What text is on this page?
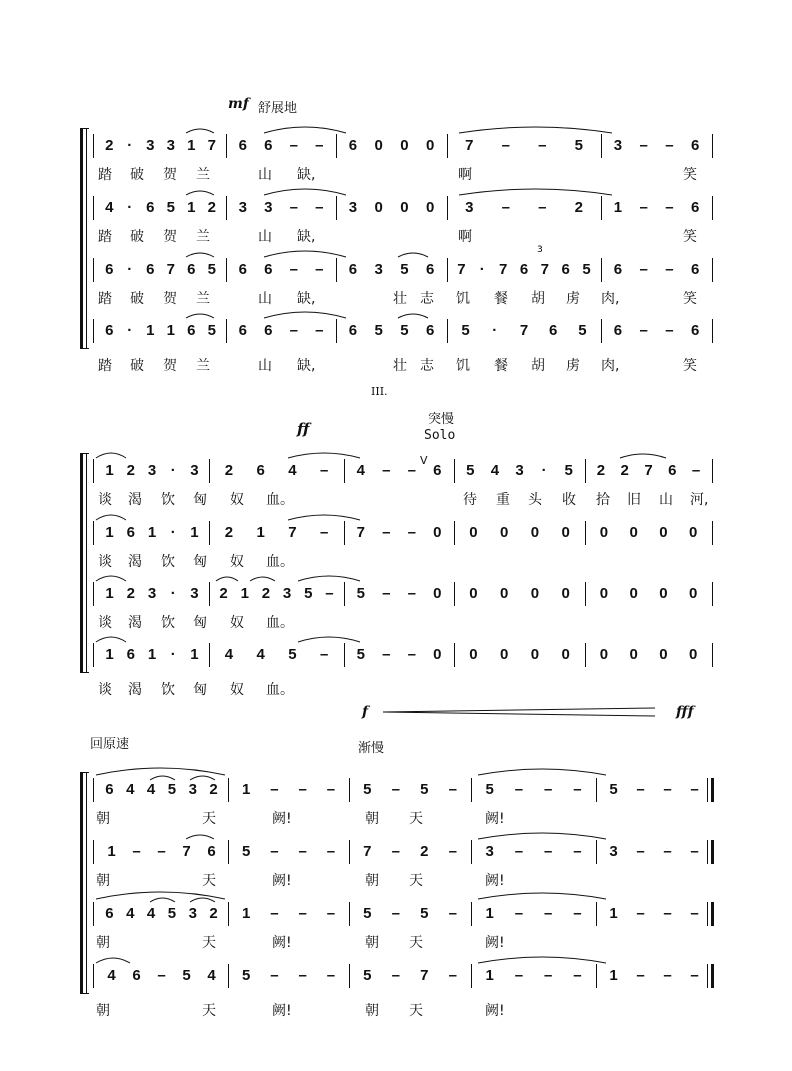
mf 舒展地
III.
ff
突慢
Solo
V
f	fff
回原速	渐慢
2 · 3 3 1 7 6 6 – – 6 0 0 0 7 – – 5 3 – – 6
踏 破 贺 兰	山 缺,	啊	笑
4 · 6 5 1 2 3 3 – – 3 0 0 0 3 – – 2 1 – – 6
踏 破 贺 兰	山 缺,	啊	笑
6 · 6 7 6 5 6 6 – – 6 3 5 6 7 · 7 6 7 6 5 6 – – 6
踏 破 贺 兰	山 缺,	壮 志 饥 餐 胡 虏 肉,	笑
6 · 1 1 6 5 6 6 – – 6 5 5 6 5	·	7 6 5 6 – – 6
踏 破 贺 兰	山 缺,	壮 志 饥 餐 胡 虏 肉,	笑
1 2 3 · 3 2 6 4 – 4 – – 6 5 4 3	·	5 2 2 7 6 –
谈 渴 饮 匈 奴 血。	待 重 头 收 拾 旧 山 河,
1 6 1 · 1 2 1 7 – 7 – – 0 0 0 0 0 0 0 0 0
谈 渴 饮 匈 奴 血。
1 2 3 · 3 2 1 2 3 5 – 5 – – 0 0 0 0 0 0 0 0 0
谈 渴 饮 匈 奴 血。
1 6 1 · 1 4 4 5 – 5 – – 0 0 0 0 0 0 0 0 0
谈 渴 饮 匈 奴 血。
6 4 4 5 3 2 1 – – – 5 – 5 – 5 – – – 5 – – –
朝	天	阙!	朝 天	阙!
1 – – 7 6 5 – – – 7 – 2 – 3 – – – 3 – – –
朝	天	阙!	朝 天	阙!
6 4 4 5 3 2 1 – – – 5 – 5 – 1 – – – 1 – – –
朝	天	阙!	朝 天	阙!
4 6 – 5 4 5 – – – 5 – 7 – 1 – – – 1 – – –
朝	天	阙!	朝 天	阙!
3
